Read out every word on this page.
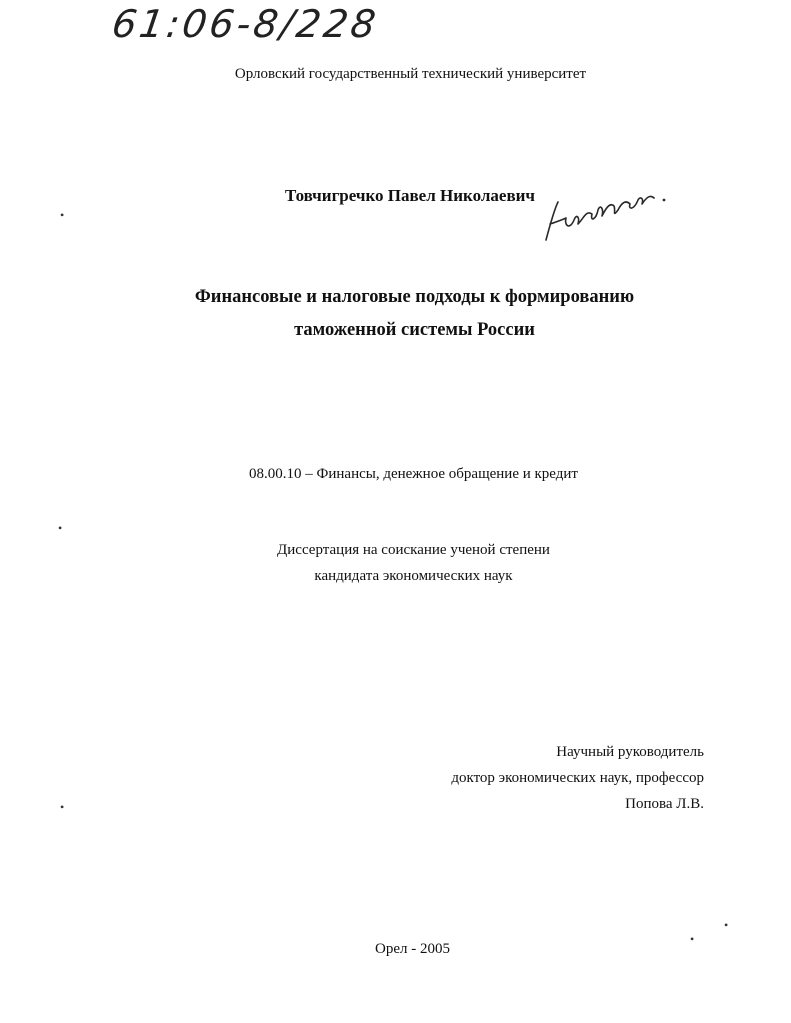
61:06-8/228
Орловский государственный технический университет
Товчигречко Павел Николаевич
Финансовые и налоговые подходы к формированию
таможенной системы России
08.00.10 – Финансы, денежное обращение и кредит
Диссертация на соискание ученой степени
кандидата экономических наук
Научный руководитель
доктор экономических наук, профессор
Попова Л.В.
Орел - 2005
•
•
•
•
•
